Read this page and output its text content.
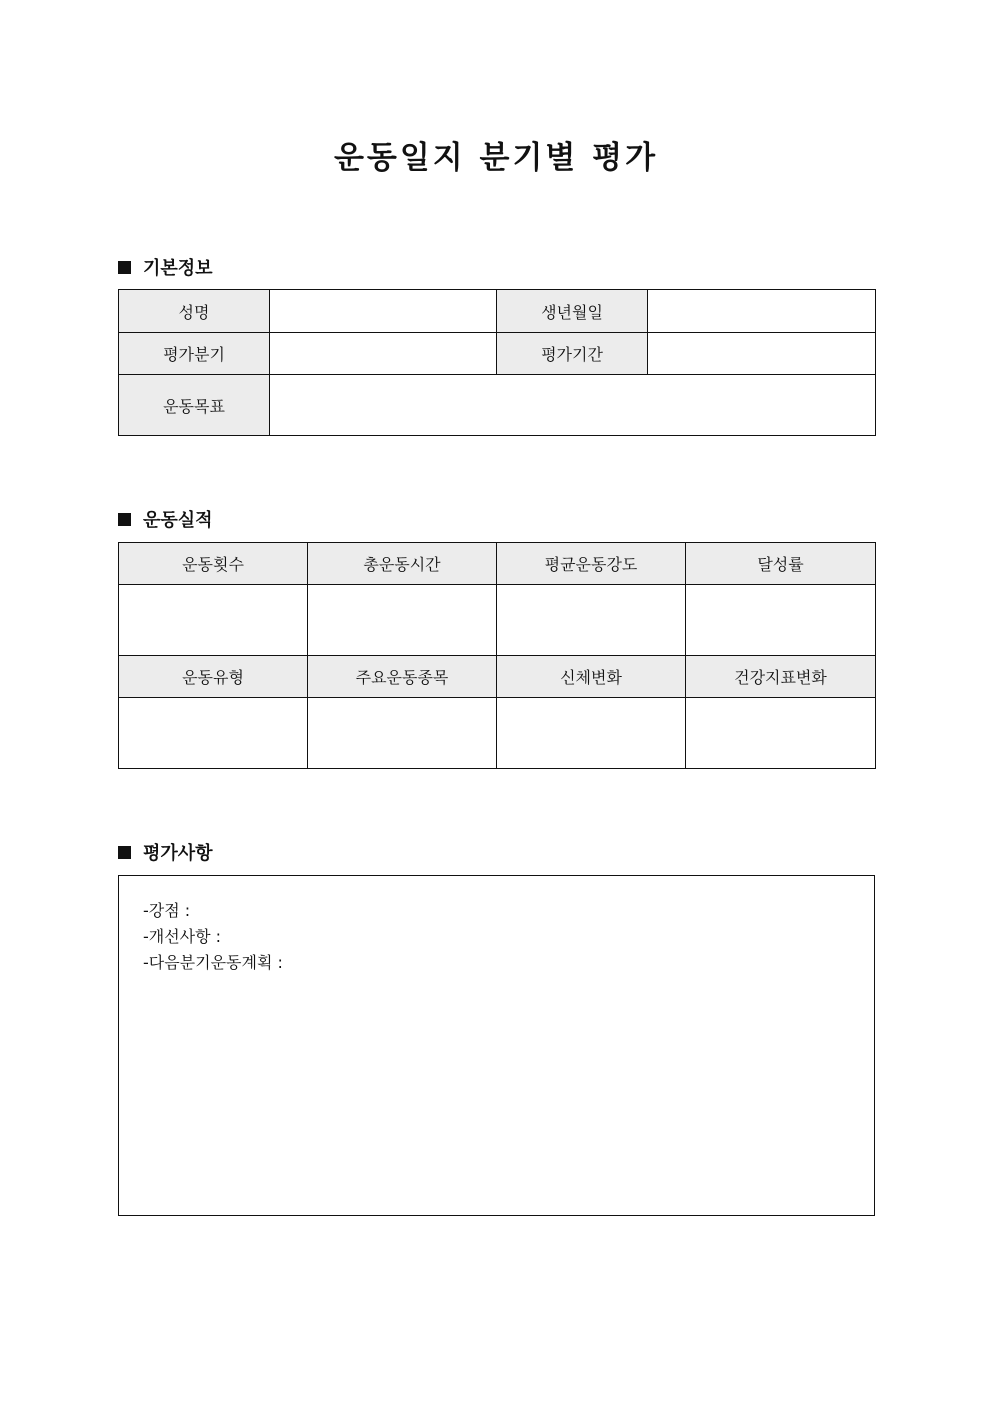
운동일지 분기별 평가
기본정보
성명		생년월일	
평가분기		평가기간	
운동목표			
운동실적
운동횟수	총운동시간	평균운동강도	달성률

운동유형	주요운동종목	신체변화	건강지표변화

평가사항
-강점 :
-개선사항 :
-다음분기운동계획 :
